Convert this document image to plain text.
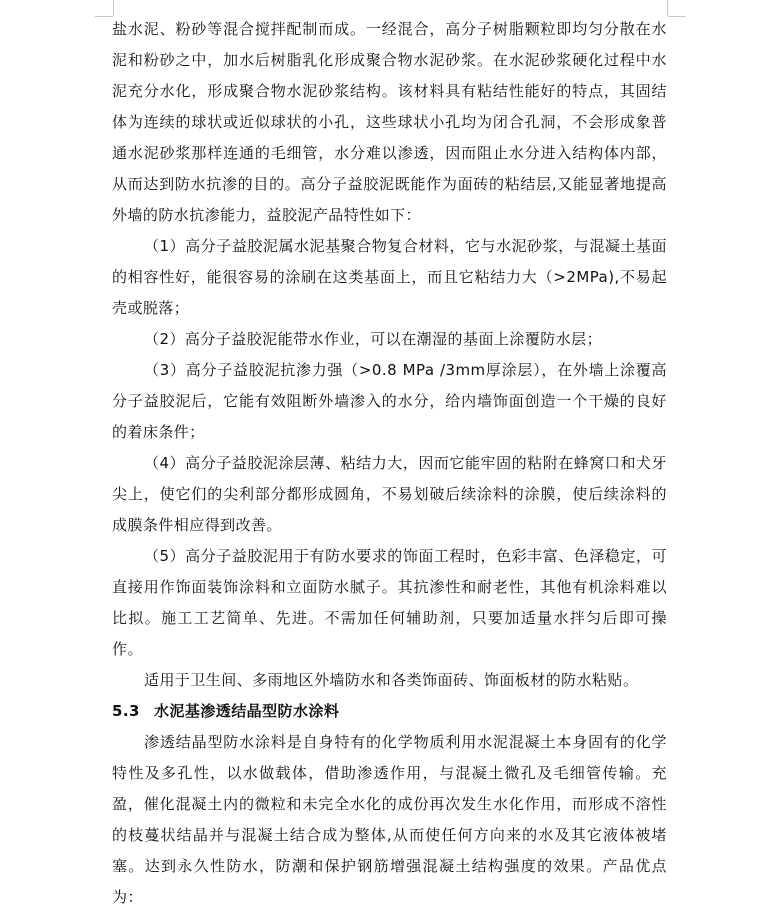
盐水泥、粉砂等混合搅拌配制而成。一经混合，高分子树脂颗粒即均匀分散在水泥和粉砂之中，加水后树脂乳化形成聚合物水泥砂浆。在水泥砂浆硬化过程中水泥充分水化，形成聚合物水泥砂浆结构。该材料具有粘结性能好的特点，其固结体为连续的球状或近似球状的小孔，这些球状小孔均为闭合孔洞，不会形成象普通水泥砂浆那样连通的毛细管，水分难以渗透，因而阻止水分进入结构体内部，从而达到防水抗渗的目的。高分子益胶泥既能作为面砖的粘结层,又能显著地提高外墙的防水抗渗能力，益胶泥产品特性如下：

（1）高分子益胶泥属水泥基聚合物复合材料，它与水泥砂浆，与混凝土基面的相容性好，能很容易的涂刷在这类基面上，而且它粘结力大（>2MPa),不易起壳或脱落；

（2）高分子益胶泥能带水作业，可以在潮湿的基面上涂覆防水层；

（3）高分子益胶泥抗渗力强（>0.8 MPa /3mm厚涂层），在外墙上涂覆高分子益胶泥后，它能有效阻断外墙渗入的水分，给内墙饰面创造一个干燥的良好的着床条件；

（4）高分子益胶泥涂层薄、粘结力大，因而它能牢固的粘附在蜂窝口和犬牙尖上，使它们的尖利部分都形成圆角，不易划破后续涂料的涂膜，使后续涂料的成膜条件相应得到改善。

（5）高分子益胶泥用于有防水要求的饰面工程时，色彩丰富、色泽稳定，可直接用作饰面装饰涂料和立面防水腻子。其抗渗性和耐老性，其他有机涂料难以比拟。施工工艺简单、先进。不需加任何辅助剂，只要加适量水拌匀后即可操作。

适用于卫生间、多雨地区外墙防水和各类饰面砖、饰面板材的防水粘贴。

5.3 水泥基渗透结晶型防水涂料

渗透结晶型防水涂料是自身特有的化学物质利用水泥混凝土本身固有的化学特性及多孔性，以水做载体，借助渗透作用，与混凝土微孔及毛细管传输。充盈，催化混凝土内的微粒和未完全水化的成份再次发生水化作用，而形成不溶性的枝蔓状结晶并与混凝土结合成为整体,从而使任何方向来的水及其它液体被堵塞。达到永久性防水，防潮和保护钢筋增强混凝土结构强度的效果。产品优点为：
